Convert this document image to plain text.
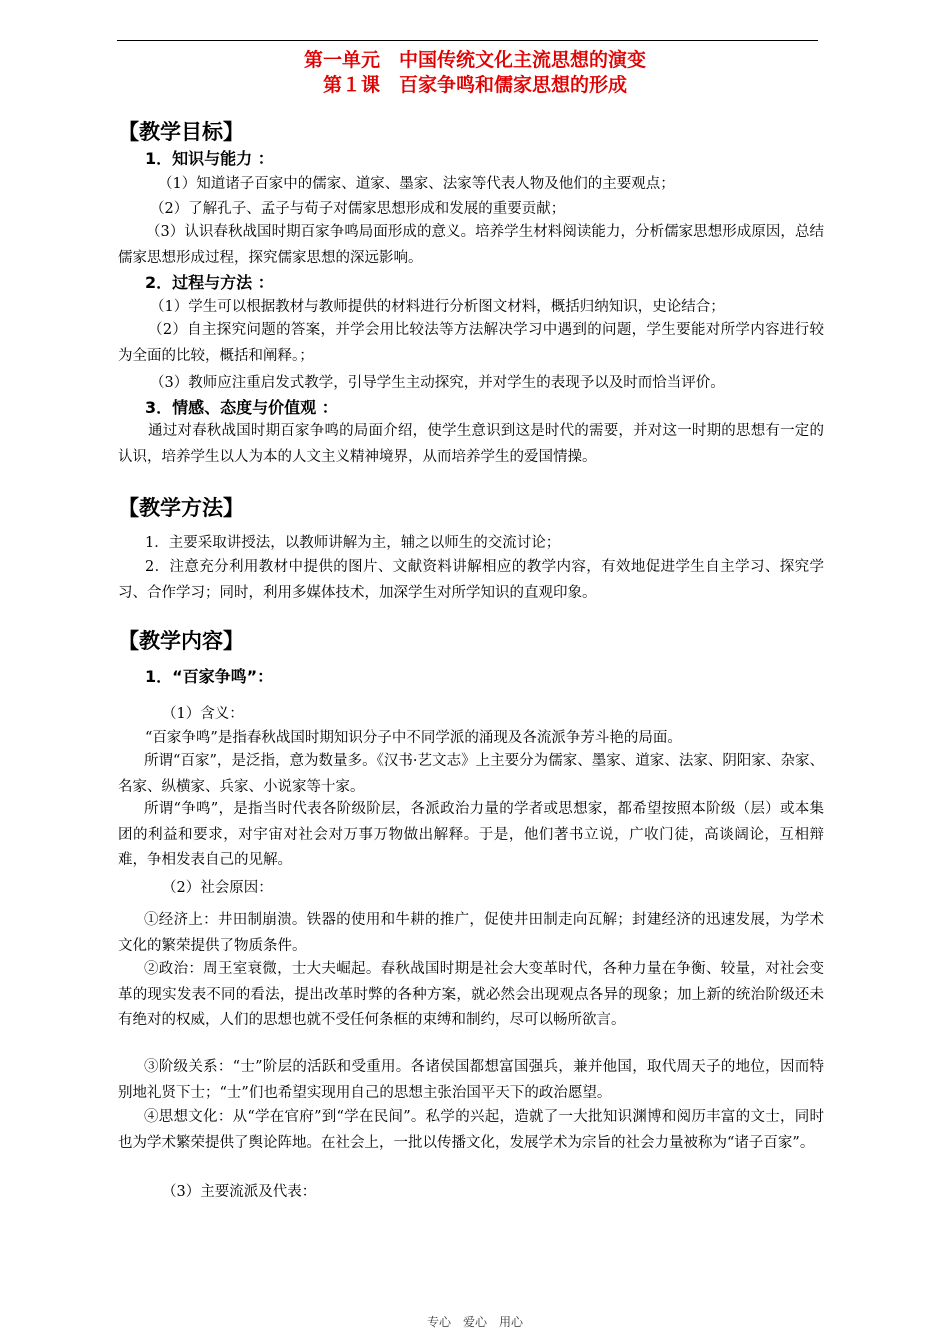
第一单元　中国传统文化主流思想的演变
第１课　百家争鸣和儒家思想的形成
【教学目标】
1．知识与能力 ：
（1）知道诸子百家中的儒家、道家、墨家、法家等代表人物及他们的主要观点；
（2）了解孔子、孟子与荀子对儒家思想形成和发展的重要贡献；
（3）认识春秋战国时期百家争鸣局面形成的意义。培养学生材料阅读能力，分析儒家思想形成原因，总结儒家思想形成过程，探究儒家思想的深远影响。
2．过程与方法 ：
（1）学生可以根据教材与教师提供的材料进行分析图文材料，概括归纳知识，史论结合；
（2）自主探究问题的答案，并学会用比较法等方法解决学习中遇到的问题，学生要能对所学内容进行较为全面的比较，概括和阐释。；
（3）教师应注重启发式教学，引导学生主动探究，并对学生的表现予以及时而恰当评价。
3．情感、态度与价值观 ：
通过对春秋战国时期百家争鸣的局面介绍，使学生意识到这是时代的需要，并对这一时期的思想有一定的认识，培养学生以人为本的人文主义精神境界，从而培养学生的爱国情操。
【教学方法】
1．主要采取讲授法，以教师讲解为主，辅之以师生的交流讨论；
2．注意充分利用教材中提供的图片、文献资料讲解相应的教学内容，有效地促进学生自主学习、探究学习、合作学习；同时，利用多媒体技术，加深学生对所学知识的直观印象。
【教学内容】
1．“百家争鸣”：
（1）含义：
“百家争鸣”是指春秋战国时期知识分子中不同学派的涌现及各流派争芳斗艳的局面。
所谓“百家”，是泛指，意为数量多。《汉书·艺文志》上主要分为儒家、墨家、道家、法家、阴阳家、杂家、名家、纵横家、兵家、小说家等十家。
所谓“争鸣”，是指当时代表各阶级阶层，各派政治力量的学者或思想家，都希望按照本阶级（层）或本集团的利益和要求，对宇宙对社会对万事万物做出解释。于是，他们著书立说，广收门徒，高谈阔论，互相辩难，争相发表自己的见解。
（2）社会原因：
①经济上：井田制崩溃。铁器的使用和牛耕的推广，促使井田制走向瓦解；封建经济的迅速发展，为学术文化的繁荣提供了物质条件。
②政治：周王室衰微，士大夫崛起。春秋战国时期是社会大变革时代，各种力量在争衡、较量，对社会变革的现实发表不同的看法，提出改革时弊的各种方案，就必然会出现观点各异的现象；加上新的统治阶级还未有绝对的权威，人们的思想也就不受任何条框的束缚和制约，尽可以畅所欲言。
③阶级关系：“士”阶层的活跃和受重用。各诸侯国都想富国强兵，兼并他国，取代周天子的地位，因而特别地礼贤下士；“士”们也希望实现用自己的思想主张治国平天下的政治愿望。
④思想文化：从“学在官府”到“学在民间”。私学的兴起，造就了一大批知识渊博和阅历丰富的文士，同时也为学术繁荣提供了舆论阵地。在社会上，一批以传播文化，发展学术为宗旨的社会力量被称为“诸子百家”。
（3）主要流派及代表：
专心　爱心　用心
